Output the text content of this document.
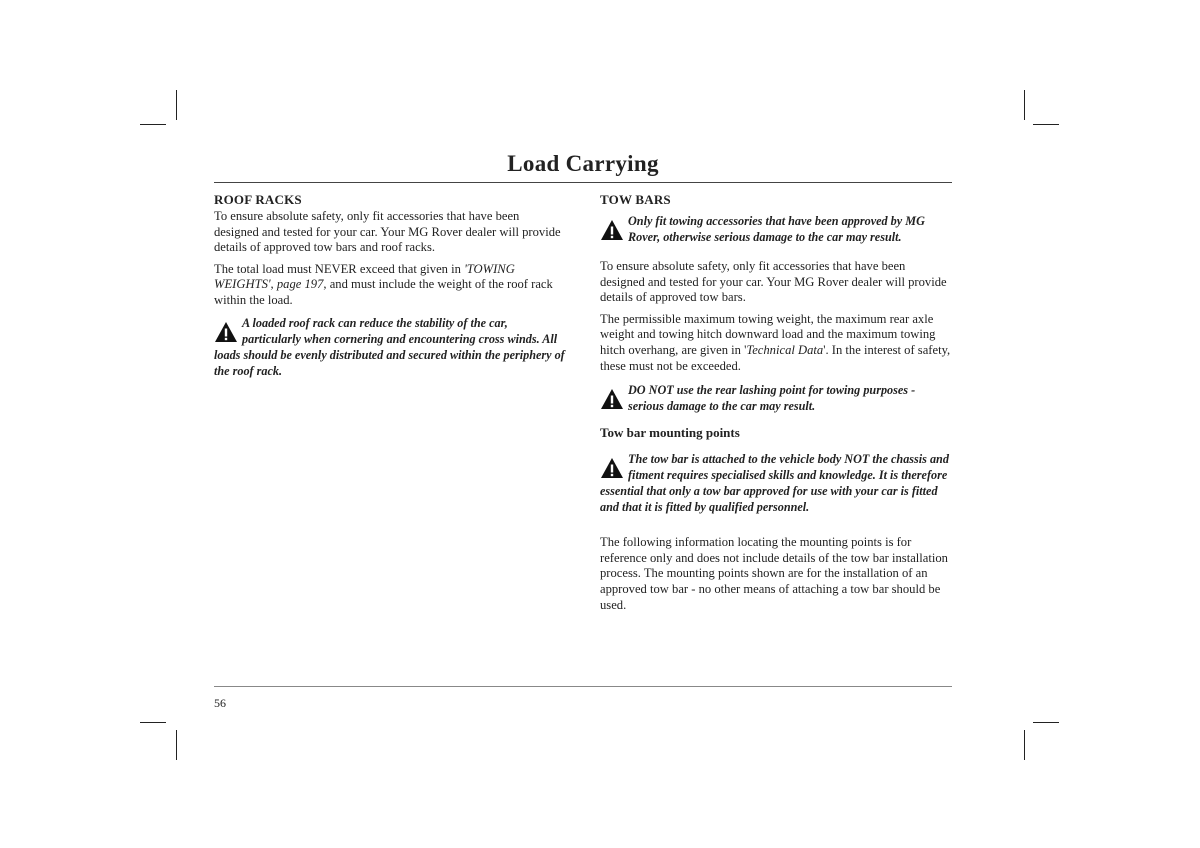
Load Carrying
ROOF RACKS

To ensure absolute safety, only fit accessories that have been designed and tested for your car. Your MG Rover dealer will provide details of approved tow bars and roof racks.

The total load must NEVER exceed that given in 'TOWING WEIGHTS', page 197, and must include the weight of the roof rack within the load.

A loaded roof rack can reduce the stability of the car, particularly when cornering and encountering cross winds. All loads should be evenly distributed and secured within the periphery of the roof rack.
TOW BARS
Only fit towing accessories that have been approved by MG Rover, otherwise serious damage to the car may result.

To ensure absolute safety, only fit accessories that have been designed and tested for your car. Your MG Rover dealer will provide details of approved tow bars.

The permissible maximum towing weight, the maximum rear axle weight and towing hitch downward load and the maximum towing hitch overhang, are given in 'Technical Data'. In the interest of safety, these must not be exceeded.

DO NOT use the rear lashing point for towing purposes - serious damage to the car may result.
Tow bar mounting points
The tow bar is attached to the vehicle body NOT the chassis and fitment requires specialised skills and knowledge. It is therefore essential that only a tow bar approved for use with your car is fitted and that it is fitted by qualified personnel.

The following information locating the mounting points is for reference only and does not include details of the tow bar installation process. The mounting points shown are for the installation of an approved tow bar - no other means of attaching a tow bar should be used.

56
